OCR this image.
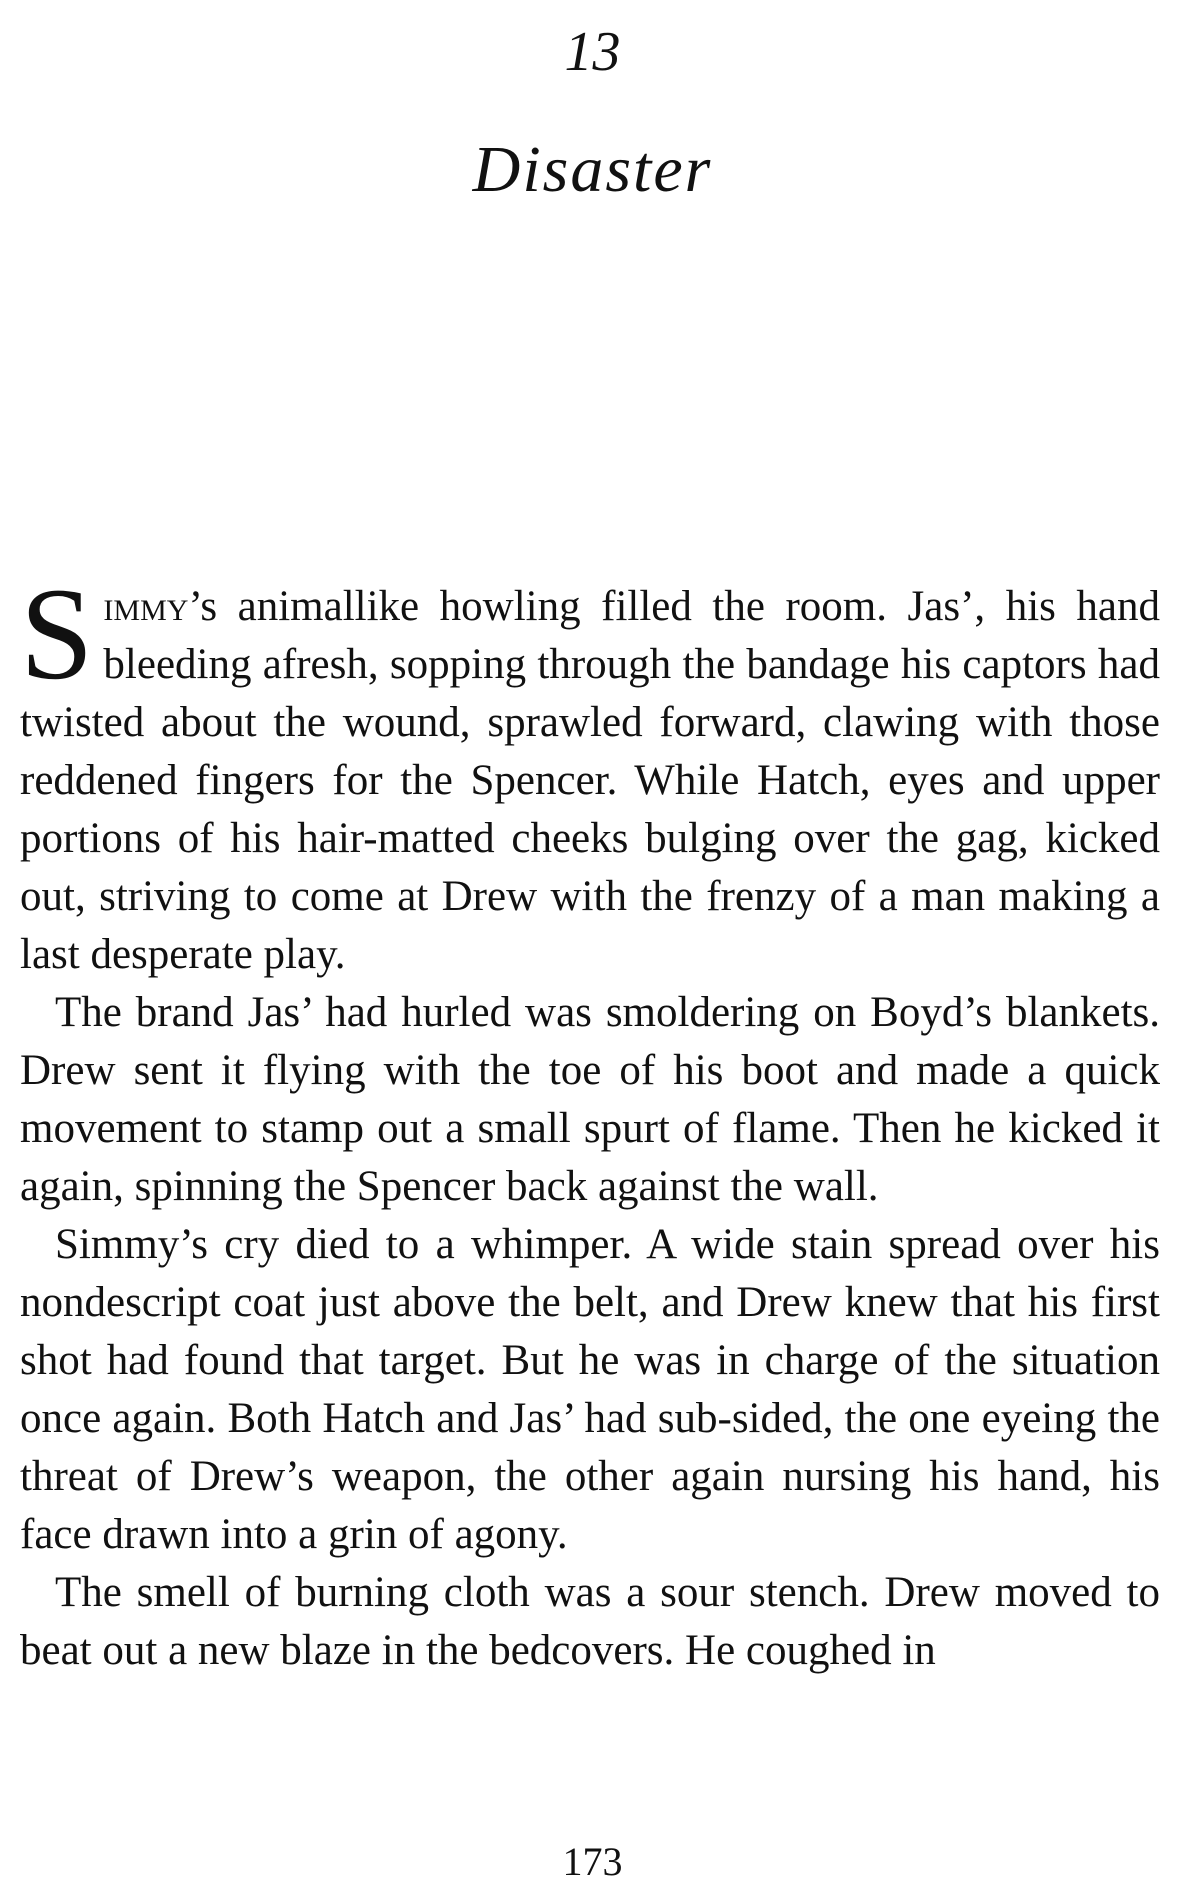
13
Disaster

Simmy’s animallike howling filled the room. Jas’, his hand bleeding afresh, sopping through the bandage his captors had twisted about the wound, sprawled forward, clawing with those reddened fingers for the Spencer. While Hatch, eyes and upper portions of his hair-matted cheeks bulging over the gag, kicked out, striving to come at Drew with the frenzy of a man making a last desperate play.

The brand Jas’ had hurled was smoldering on Boyd’s blankets. Drew sent it flying with the toe of his boot and made a quick movement to stamp out a small spurt of flame. Then he kicked it again, spinning the Spencer back against the wall.

Simmy’s cry died to a whimper. A wide stain spread over his nondescript coat just above the belt, and Drew knew that his first shot had found that target. But he was in charge of the situation once again. Both Hatch and Jas’ had sub-sided, the one eyeing the threat of Drew’s weapon, the other again nursing his hand, his face drawn into a grin of agony.

The smell of burning cloth was a sour stench. Drew moved to beat out a new blaze in the bedcovers. He coughed in

173
